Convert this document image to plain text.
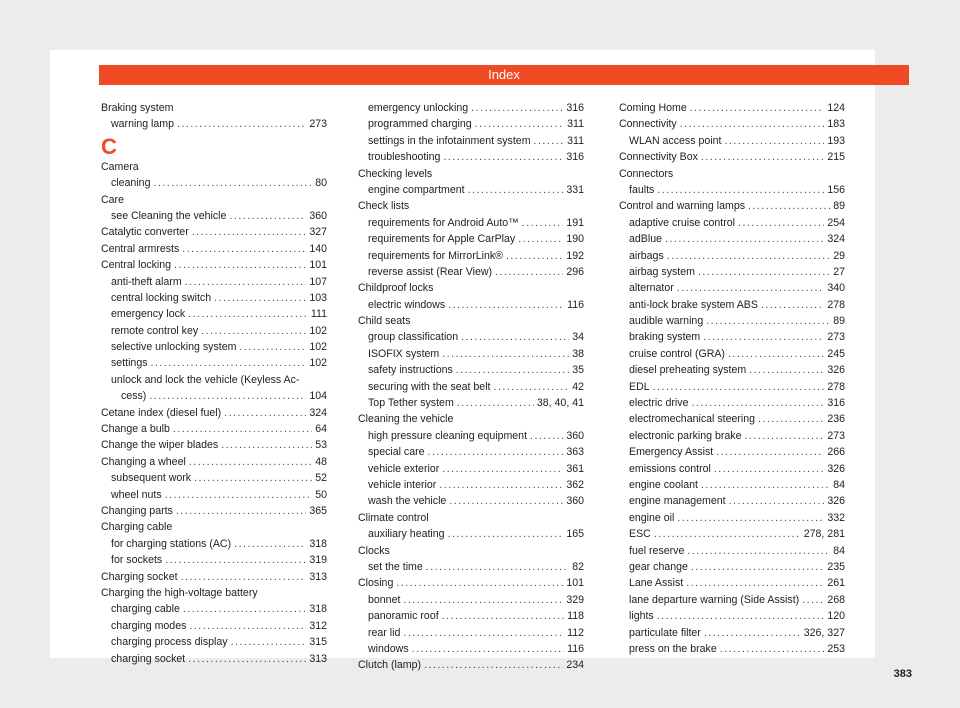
Index
Braking system
warning lamp .....	273
C
Camera
cleaning .....	80
Care
see Cleaning the vehicle .....	360
Catalytic converter .....	327
Central armrests .....	140
Central locking .....	101
anti-theft alarm .....	107
central locking switch .....	103
emergency lock .....	111
remote control key .....	102
selective unlocking system .....	102
settings .....	102
unlock and lock the vehicle (Keyless Ac-
cess) .....	104
Cetane index (diesel fuel) .....	324
Change a bulb .....	64
Change the wiper blades .....	53
Changing a wheel .....	48
subsequent work .....	52
wheel nuts .....	50
Changing parts .....	365
Charging cable
for charging stations (AC) .....	318
for sockets .....	319
Charging socket .....	313
Charging the high-voltage battery
charging cable .....	318
charging modes .....	312
charging process display .....	315
charging socket .....	313
emergency unlocking .....	316
programmed charging .....	311
settings in the infotainment system .....	311
troubleshooting .....	316
Checking levels
engine compartment .....	331
Check lists
requirements for Android Auto™ .....	191
requirements for Apple CarPlay .....	190
requirements for MirrorLink® .....	192
reverse assist (Rear View) .....	296
Childproof locks
electric windows .....	116
Child seats
group classification .....	34
ISOFIX system .....	38
safety instructions .....	35
securing with the seat belt .....	42
Top Tether system .....	38, 40, 41
Cleaning the vehicle
high pressure cleaning equipment .....	360
special care .....	363
vehicle exterior .....	361
vehicle interior .....	362
wash the vehicle .....	360
Climate control
auxiliary heating .....	165
Clocks
set the time .....	82
Closing .....	101
bonnet .....	329
panoramic roof .....	118
rear lid .....	112
windows .....	116
Clutch (lamp) .....	234
Coming Home .....	124
Connectivity .....	183
WLAN access point .....	193
Connectivity Box .....	215
Connectors
faults .....	156
Control and warning lamps .....	89
adaptive cruise control .....	254
adBlue .....	324
airbags .....	29
airbag system .....	27
alternator .....	340
anti-lock brake system ABS .....	278
audible warning .....	89
braking system .....	273
cruise control (GRA) .....	245
diesel preheating system .....	326
EDL .....	278
electric drive .....	316
electromechanical steering .....	236
electronic parking brake .....	273
Emergency Assist .....	266
emissions control .....	326
engine coolant .....	84
engine management .....	326
engine oil .....	332
ESC .....	278, 281
fuel reserve .....	84
gear change .....	235
Lane Assist .....	261
lane departure warning (Side Assist) .....	268
lights .....	120
particulate filter .....	326, 327
press on the brake .....	253
383
